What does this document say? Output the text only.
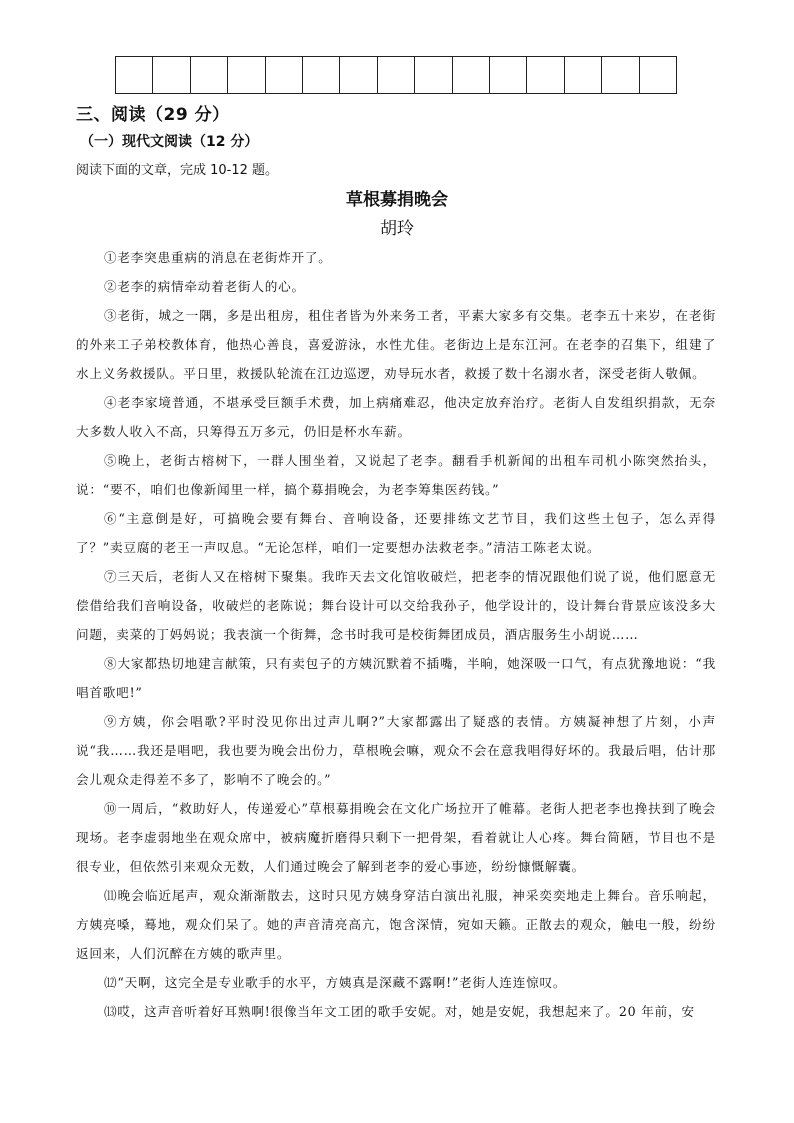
三、阅读（29 分）
（一）现代文阅读（12 分）
阅读下面的文章，完成 10-12 题。
草根募捐晚会
胡玲

①老李突患重病的消息在老街炸开了。

②老李的病情牵动着老街人的心。

③老街，城之一隅，多是出租房，租住者皆为外来务工者，平素大家多有交集。老李五十来岁，在老街的外来工子弟校教体育，他热心善良，喜爱游泳，水性尤佳。老街边上是东江河。在老李的召集下，组建了水上义务救援队。平日里，救援队轮流在江边巡逻，劝导玩水者，救援了数十名溺水者，深受老街人敬佩。

④老李家境普通，不堪承受巨额手术费，加上病痛难忍，他决定放弃治疗。老街人自发组织捐款，无奈大多数人收入不高，只筹得五万多元，仍旧是杯水车薪。

⑤晚上，老街古榕树下，一群人围坐着，又说起了老李。翻看手机新闻的出租车司机小陈突然抬头，说：“要不，咱们也像新闻里一样，搞个募捐晚会，为老李筹集医药钱。”

⑥“主意倒是好，可搞晚会要有舞台、音响设备，还要排练文艺节目，我们这些土包子，怎么弄得了？”卖豆腐的老王一声叹息。“无论怎样，咱们一定要想办法救老李。”清洁工陈老太说。

⑦三天后，老街人又在榕树下聚集。我昨天去文化馆收破烂，把老李的情况跟他们说了说，他们愿意无偿借给我们音响设备，收破烂的老陈说；舞台设计可以交给我孙子，他学设计的，设计舞台背景应该没多大问题，卖菜的丁妈妈说；我表演一个街舞，念书时我可是校街舞团成员，酒店服务生小胡说……

⑧大家都热切地建言献策，只有卖包子的方姨沉默着不插嘴，半晌，她深吸一口气，有点犹豫地说：“我唱首歌吧!”

⑨方姨，你会唱歌?平时没见你出过声儿啊?”大家都露出了疑惑的表情。方姨凝神想了片刻，小声说“我……我还是唱吧，我也要为晚会出份力，草根晚会嘛，观众不会在意我唱得好坏的。我最后唱，估计那会儿观众走得差不多了，影响不了晚会的。”

⑩一周后，“救助好人，传递爱心”草根募捐晚会在文化广场拉开了帷幕。老街人把老李也搀扶到了晚会现场。老李虚弱地坐在观众席中，被病魔折磨得只剩下一把骨架，看着就让人心疼。舞台简陋，节目也不是很专业，但依然引来观众无数，人们通过晚会了解到老李的爱心事迹，纷纷慷慨解囊。

⑾晚会临近尾声，观众渐渐散去，这时只见方姨身穿洁白演出礼服，神采奕奕地走上舞台。音乐响起，方姨亮嗓，蓦地，观众们呆了。她的声音清亮高亢，饱含深情，宛如天籁。正散去的观众，触电一般，纷纷返回来，人们沉醉在方姨的歌声里。

⑿“天啊，这完全是专业歌手的水平，方姨真是深藏不露啊!”老街人连连惊叹。

⒀哎，这声音听着好耳熟啊!很像当年文工团的歌手安妮。对，她是安妮，我想起来了。20 年前，安
